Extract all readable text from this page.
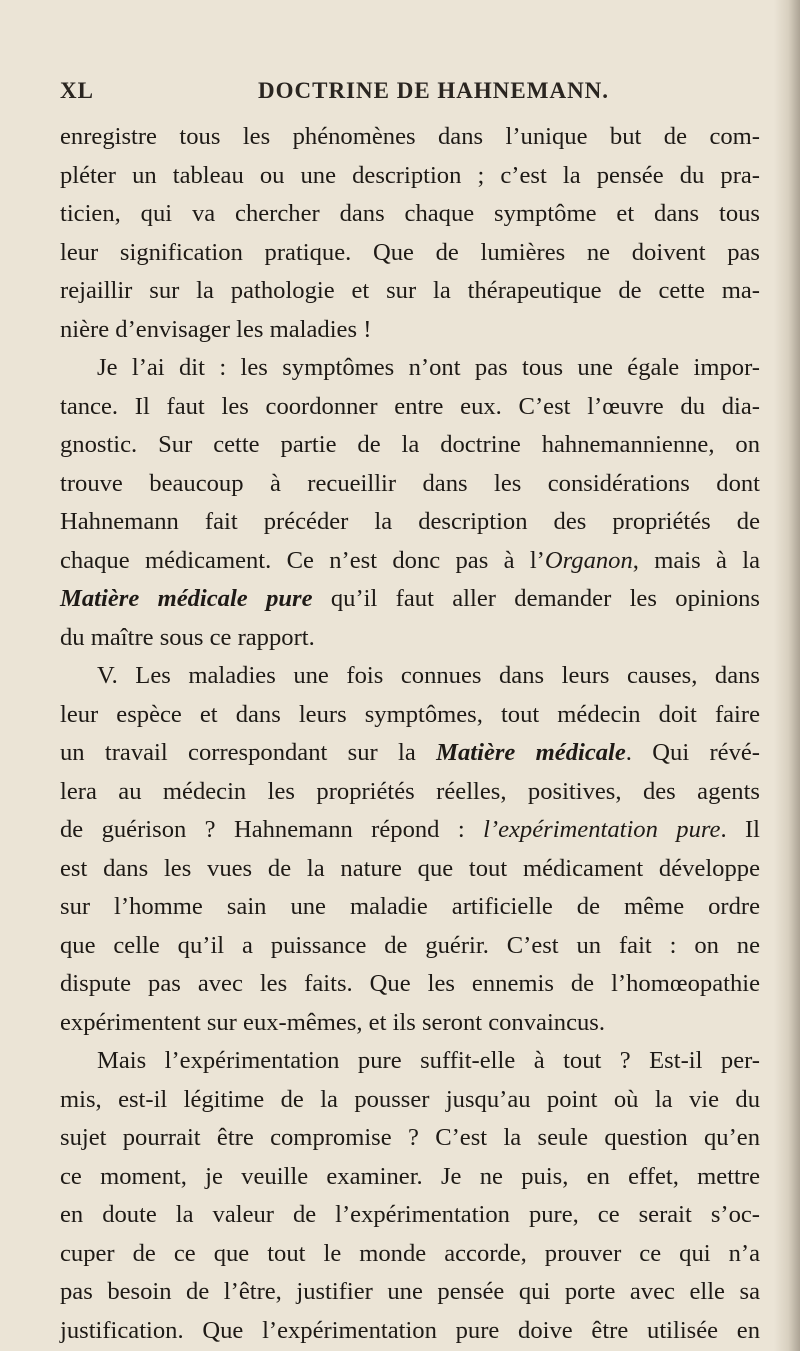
XL	DOCTRINE DE HAHNEMANN.
enregistre tous les phénomènes dans l’unique but de com-
pléter un tableau ou une description ; c’est la pensée du pra-
ticien, qui va chercher dans chaque symptôme et dans tous
leur signification pratique. Que de lumières ne doivent pas
rejaillir sur la pathologie et sur la thérapeutique de cette ma-
nière d’envisager les maladies !
Je l’ai dit : les symptômes n’ont pas tous une égale impor-
tance. Il faut les coordonner entre eux. C’est l’œuvre du dia-
gnostic. Sur cette partie de la doctrine hahnemannienne, on
trouve beaucoup à recueillir dans les considérations dont
Hahnemann fait précéder la description des propriétés de
chaque médicament. Ce n’est donc pas à l’Organon, mais à la
Matière médicale pure qu’il faut aller demander les opinions
du maître sous ce rapport.
V. Les maladies une fois connues dans leurs causes, dans
leur espèce et dans leurs symptômes, tout médecin doit faire
un travail correspondant sur la Matière médicale. Qui révé-
lera au médecin les propriétés réelles, positives, des agents
de guérison ? Hahnemann répond : l’expérimentation pure. Il
est dans les vues de la nature que tout médicament développe
sur l’homme sain une maladie artificielle de même ordre
que celle qu’il a puissance de guérir. C’est un fait : on ne
dispute pas avec les faits. Que les ennemis de l’homœopathie
expérimentent sur eux-mêmes, et ils seront convaincus.
Mais l’expérimentation pure suffit-elle à tout ? Est-il per-
mis, est-il légitime de la pousser jusqu’au point où la vie du
sujet pourrait être compromise ? C’est la seule question qu’en
ce moment, je veuille examiner. Je ne puis, en effet, mettre
en doute la valeur de l’expérimentation pure, ce serait s’oc-
cuper de ce que tout le monde accorde, prouver ce qui n’a
pas besoin de l’être, justifier une pensée qui porte avec elle sa
justification. Que l’expérimentation pure doive être utilisée en
